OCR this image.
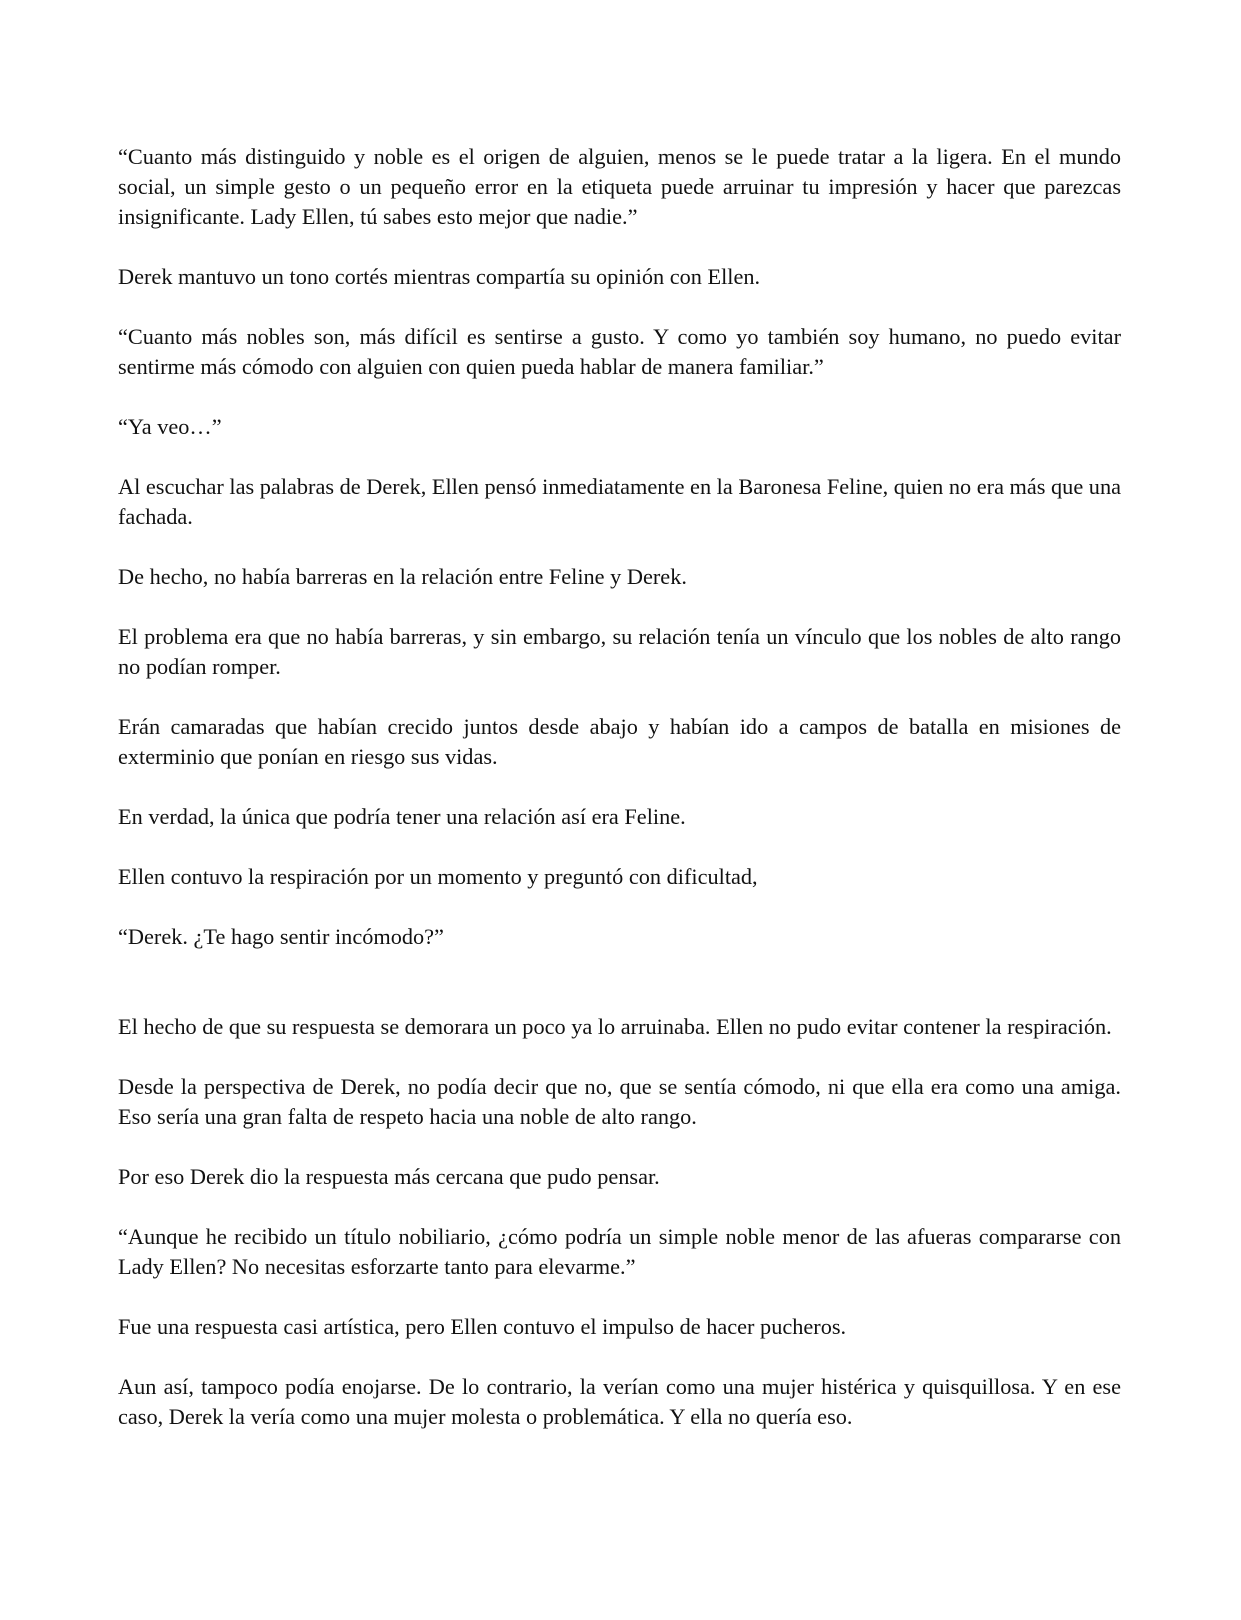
“Cuanto más distinguido y noble es el origen de alguien, menos se le puede tratar a la ligera. En el mundo social, un simple gesto o un pequeño error en la etiqueta puede arruinar tu impresión y hacer que parezcas insignificante. Lady Ellen, tú sabes esto mejor que nadie.”

Derek mantuvo un tono cortés mientras compartía su opinión con Ellen.

“Cuanto más nobles son, más difícil es sentirse a gusto. Y como yo también soy humano, no puedo evitar sentirme más cómodo con alguien con quien pueda hablar de manera familiar.”

“Ya veo…”

Al escuchar las palabras de Derek, Ellen pensó inmediatamente en la Baronesa Feline, quien no era más que una fachada.

De hecho, no había barreras en la relación entre Feline y Derek.

El problema era que no había barreras, y sin embargo, su relación tenía un vínculo que los nobles de alto rango no podían romper.

Erán camaradas que habían crecido juntos desde abajo y habían ido a campos de batalla en misiones de exterminio que ponían en riesgo sus vidas.

En verdad, la única que podría tener una relación así era Feline.

Ellen contuvo la respiración por un momento y preguntó con dificultad,

“Derek. ¿Te hago sentir incómodo?”

El hecho de que su respuesta se demorara un poco ya lo arruinaba. Ellen no pudo evitar contener la respiración.

Desde la perspectiva de Derek, no podía decir que no, que se sentía cómodo, ni que ella era como una amiga. Eso sería una gran falta de respeto hacia una noble de alto rango.

Por eso Derek dio la respuesta más cercana que pudo pensar.

“Aunque he recibido un título nobiliario, ¿cómo podría un simple noble menor de las afueras compararse con Lady Ellen? No necesitas esforzarte tanto para elevarme.”

Fue una respuesta casi artística, pero Ellen contuvo el impulso de hacer pucheros.

Aun así, tampoco podía enojarse. De lo contrario, la verían como una mujer histérica y quisquillosa. Y en ese caso, Derek la vería como una mujer molesta o problemática. Y ella no quería eso.
